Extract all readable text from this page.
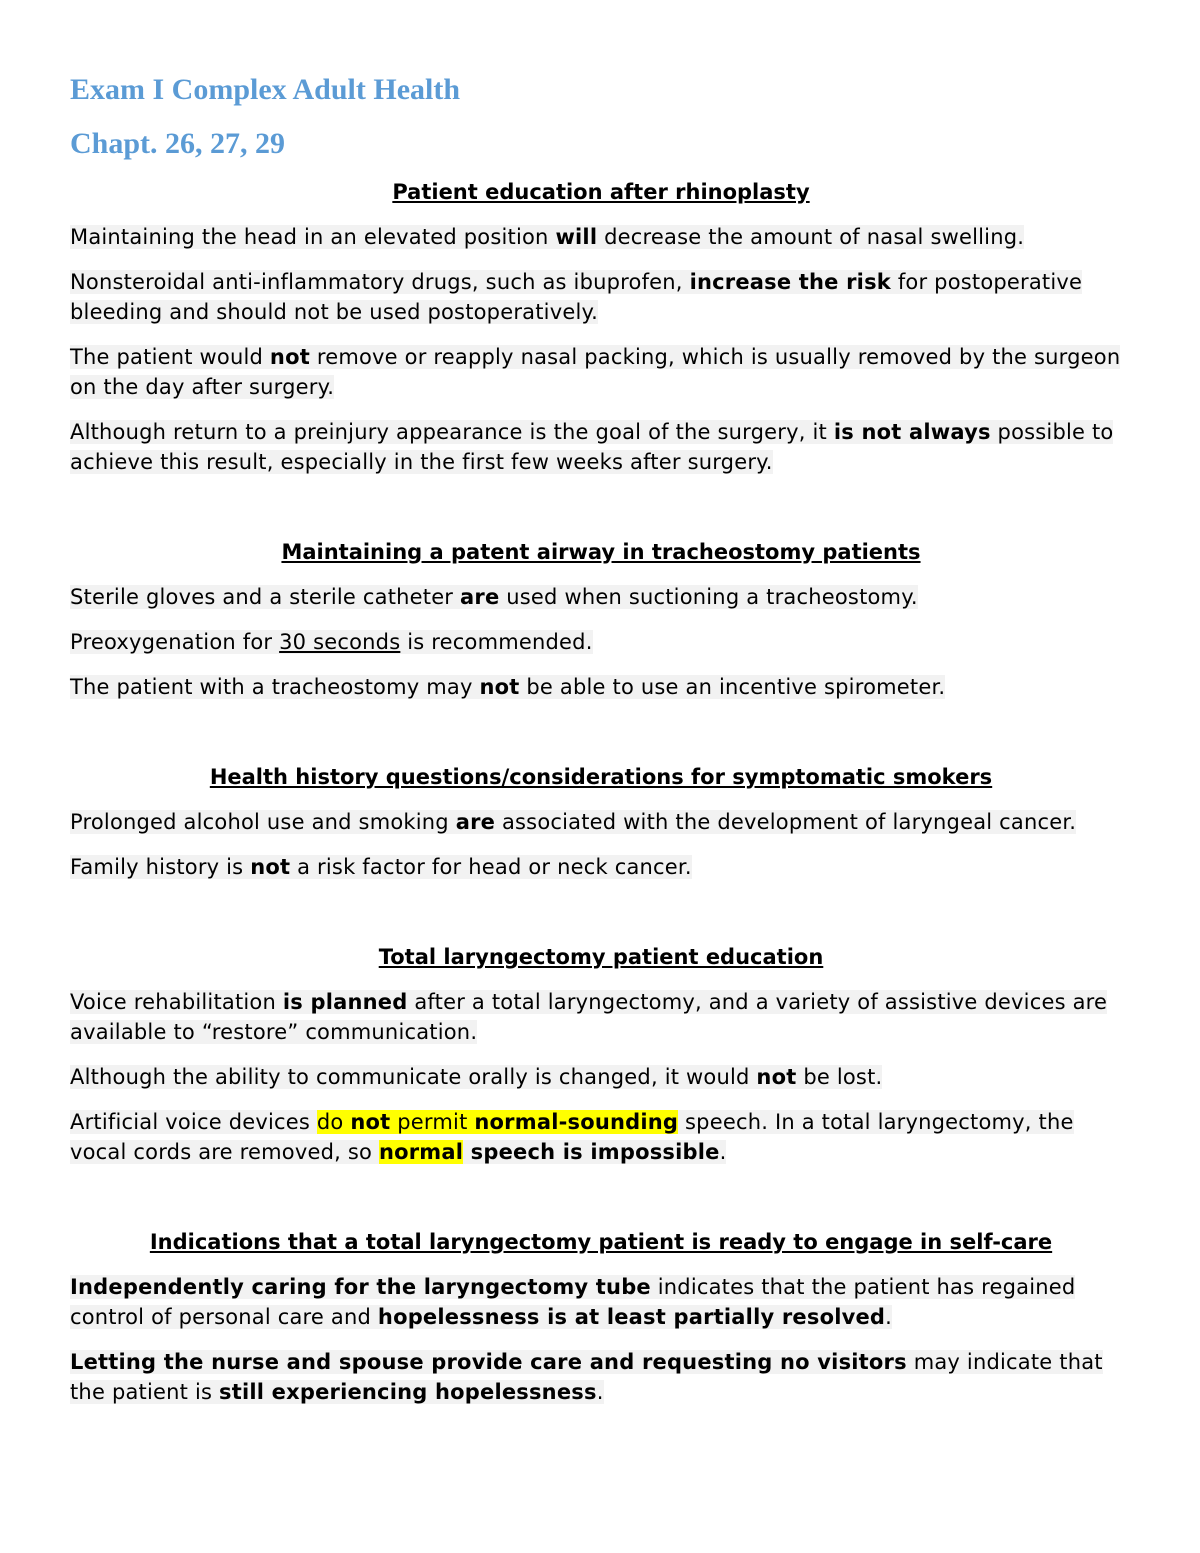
Exam I Complex Adult Health
Chapt. 26, 27, 29
Patient education after rhinoplasty

Maintaining the head in an elevated position will decrease the amount of nasal swelling.

Nonsteroidal anti-inflammatory drugs, such as ibuprofen, increase the risk for postoperative bleeding and should not be used postoperatively.

The patient would not remove or reapply nasal packing, which is usually removed by the surgeon on the day after surgery.

Although return to a preinjury appearance is the goal of the surgery, it is not always possible to achieve this result, especially in the first few weeks after surgery.

Maintaining a patent airway in tracheostomy patients

Sterile gloves and a sterile catheter are used when suctioning a tracheostomy.

Preoxygenation for 30 seconds is recommended.

The patient with a tracheostomy may not be able to use an incentive spirometer.

Health history questions/considerations for symptomatic smokers

Prolonged alcohol use and smoking are associated with the development of laryngeal cancer.

Family history is not a risk factor for head or neck cancer.

Total laryngectomy patient education

Voice rehabilitation is planned after a total laryngectomy, and a variety of assistive devices are available to “restore” communication.

Although the ability to communicate orally is changed, it would not be lost.

Artificial voice devices do not permit normal-sounding speech. In a total laryngectomy, the vocal cords are removed, so normal speech is impossible.

Indications that a total laryngectomy patient is ready to engage in self-care

Independently caring for the laryngectomy tube indicates that the patient has regained control of personal care and hopelessness is at least partially resolved.

Letting the nurse and spouse provide care and requesting no visitors may indicate that the patient is still experiencing hopelessness.
